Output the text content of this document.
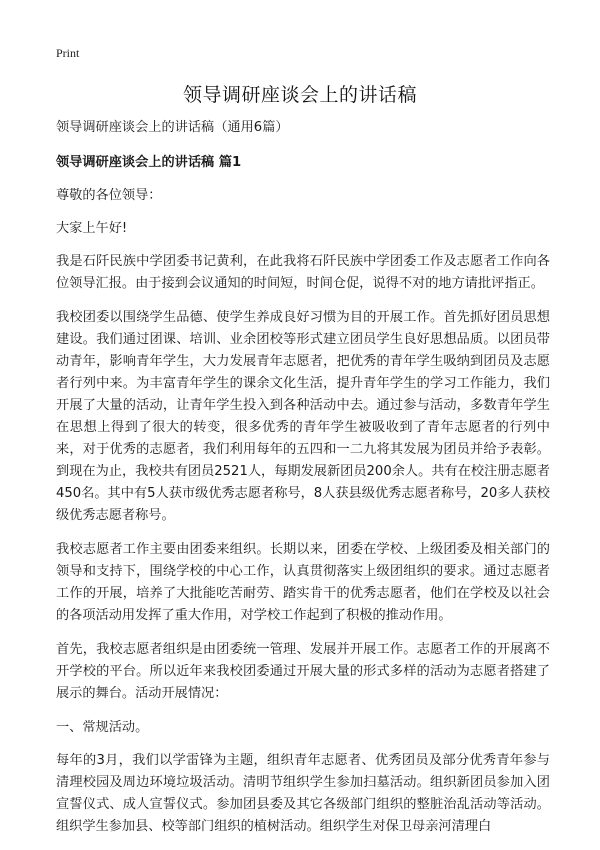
Print
领导调研座谈会上的讲话稿
领导调研座谈会上的讲话稿（通用6篇）
领导调研座谈会上的讲话稿 篇1

尊敬的各位领导：

大家上午好!

我是石阡民族中学团委书记黄利，在此我将石阡民族中学团委工作及志愿者工作向各位领导汇报。由于接到会议通知的时间短，时间仓促，说得不对的地方请批评指正。

我校团委以围绕学生品德、使学生养成良好习惯为目的开展工作。首先抓好团员思想建设。我们通过团课、培训、业余团校等形式建立团员学生良好思想品质。以团员带动青年，影响青年学生，大力发展青年志愿者，把优秀的青年学生吸纳到团员及志愿者行列中来。为丰富青年学生的课余文化生活，提升青年学生的学习工作能力，我们开展了大量的活动，让青年学生投入到各种活动中去。通过参与活动，多数青年学生在思想上得到了很大的转变，很多优秀的青年学生被吸收到了青年志愿者的行列中来，对于优秀的志愿者，我们利用每年的五四和一二九将其发展为团员并给予表彰。到现在为止，我校共有团员2521人，每期发展新团员200余人。共有在校注册志愿者450名。其中有5人获市级优秀志愿者称号，8人获县级优秀志愿者称号，20多人获校级优秀志愿者称号。

我校志愿者工作主要由团委来组织。长期以来，团委在学校、上级团委及相关部门的领导和支持下，围绕学校的中心工作，认真贯彻落实上级团组织的要求。通过志愿者工作的开展，培养了大批能吃苦耐劳、踏实肯干的优秀志愿者，他们在学校及以社会的各项活动用发挥了重大作用，对学校工作起到了积极的推动作用。

首先，我校志愿者组织是由团委统一管理、发展并开展工作。志愿者工作的开展离不开学校的平台。所以近年来我校团委通过开展大量的形式多样的活动为志愿者搭建了展示的舞台。活动开展情况：

一、常规活动。

每年的3月，我们以学雷锋为主题，组织青年志愿者、优秀团员及部分优秀青年参与清理校园及周边环境垃圾活动。清明节组织学生参加扫墓活动。组织新团员参加入团宣誓仪式、成人宣誓仪式。参加团县委及其它各级部门组织的整脏治乱活动等活动。组织学生参加县、校等部门组织的植树活动。组织学生对保卫母亲河清理白
